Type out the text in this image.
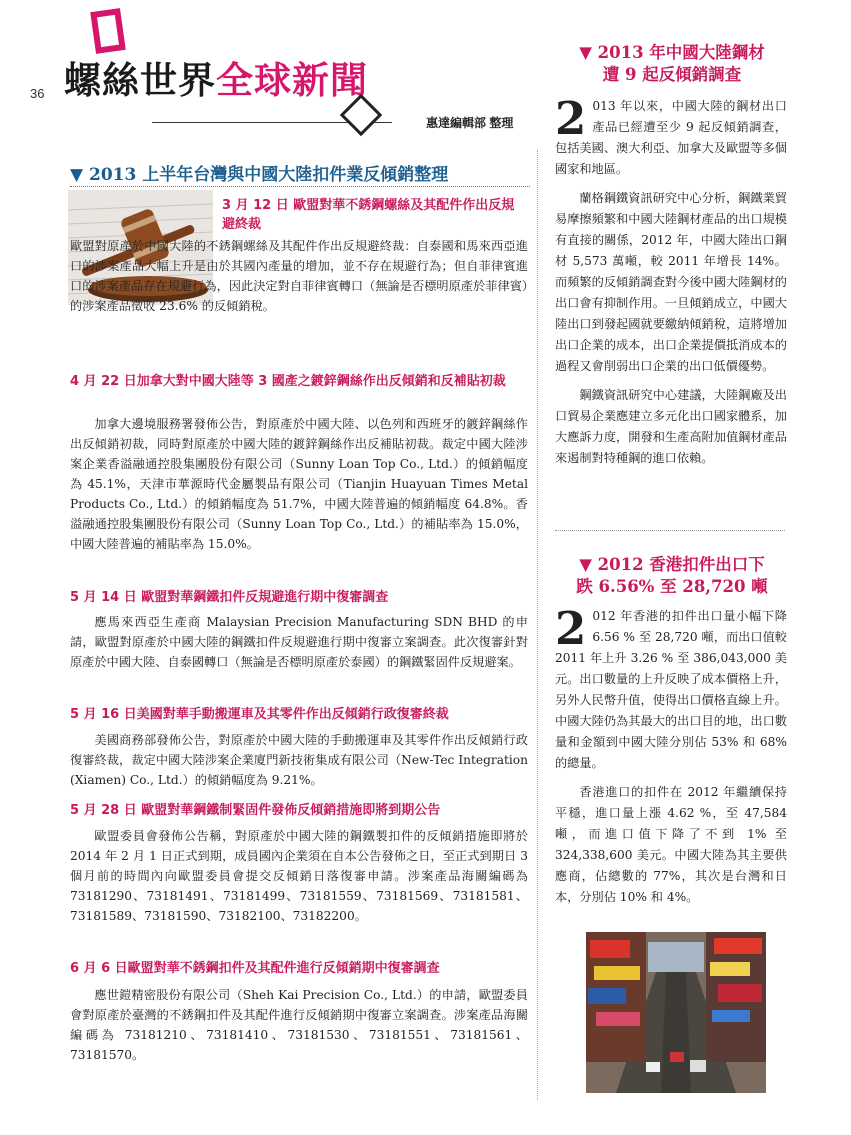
36 螺絲世界全球新聞
惠達編輯部 整理
▼ 2013 上半年台灣與中國大陸扣件業反傾銷整理
3 月 12 日 歐盟對華不銹鋼螺絲及其配件作出反規避終裁

歐盟對原產於中國大陸的不銹鋼螺絲及其配件作出反規避終裁：自泰國和馬來西亞進口的涉案產品大幅上升是由於其國內產量的增加，並不存在規避行為；但自菲律賓進口的涉案產品存在規避行為，因此決定對自菲律賓轉口（無論是否標明原產於菲律賓）的涉案產品徵收 23.6% 的反傾銷稅。

4 月 22 日加拿大對中國大陸等 3 國產之鍍鋅鋼絲作出反傾銷和反補貼初裁

加拿大邊境服務署發佈公告，對原產於中國大陸、以色列和西班牙的鍍鋅鋼絲作出反傾銷初裁，同時對原產於中國大陸的鍍鋅鋼絲作出反補貼初裁。裁定中國大陸涉案企業香溢融通控股集團股份有限公司（Sunny Loan Top Co., Ltd.）的傾銷幅度為 45.1%，天津市華源時代金屬製品有限公司（Tianjin Huayuan Times Metal Products Co., Ltd.）的傾銷幅度為 51.7%，中國大陸普遍的傾銷幅度 64.8%。香溢融通控股集團股份有限公司（Sunny Loan Top Co., Ltd.）的補貼率為 15.0%，中國大陸普遍的補貼率為 15.0%。

5 月 14 日 歐盟對華鋼鐵扣件反規避進行期中復審調查

應馬來西亞生產商 Malaysian Precision Manufacturing SDN BHD 的申請，歐盟對原產於中國大陸的鋼鐵扣件反規避進行期中復審立案調查。此次復審針對原產於中國大陸、自泰國轉口（無論是否標明原產於泰國）的鋼鐵緊固件反規避案。

5 月 16 日美國對華手動搬運車及其零件作出反傾銷行政復審終裁

美國商務部發佈公告，對原產於中國大陸的手動搬運車及其零件作出反傾銷行政復審終裁，裁定中國大陸涉案企業廈門新技術集成有限公司（New-Tec Integration (Xiamen) Co., Ltd.）的傾銷幅度為 9.21%。

5 月 28 日 歐盟對華鋼鐵制緊固件發佈反傾銷措施即將到期公告

歐盟委員會發佈公告稱，對原產於中國大陸的鋼鐵製扣件的反傾銷措施即將於 2014 年 2 月 1 日正式到期，成員國內企業須在自本公告發佈之日，至正式到期日 3 個月前的時間內向歐盟委員會提交反傾銷日落復審申請。涉案產品海關編碼為 73181290、73181491、73181499、73181559、73181569、73181581、73181589、73181590、73182100、73182200。

6 月 6 日歐盟對華不銹鋼扣件及其配件進行反傾銷期中復審調查

應世鎧精密股份有限公司（Sheh Kai Precision Co., Ltd.）的申請，歐盟委員會對原產於臺灣的不銹鋼扣件及其配件進行反傾銷期中復審立案調查。涉案產品海關編碼為 73181210、73181410、73181530、73181551、73181561、73181570。

▼ 2013 年中國大陸鋼材
遭 9 起反傾銷調查

2 013 年以來，中國大陸的鋼材出口產品已經遭至少 9 起反傾銷調查，包括美國、澳大利亞、加拿大及歐盟等多個國家和地區。

蘭格鋼鐵資訊研究中心分析，鋼鐵業貿易摩擦頻繁和中國大陸鋼材產品的出口規模有直接的關係，2012 年，中國大陸出口鋼材 5,573 萬噸，較 2011 年增長 14%。而頻繁的反傾銷調查對今後中國大陸鋼材的出口會有抑制作用。一旦傾銷成立，中國大陸出口到發起國就要繳納傾銷稅，這將增加出口企業的成本，出口企業提價抵消成本的過程又會削弱出口企業的出口低價優勢。

鋼鐵資訊研究中心建議，大陸鋼廠及出口貿易企業應建立多元化出口國家體系，加大應訴力度，開發和生產高附加值鋼材產品來遏制對特種鋼的進口依賴。

▼ 2012 香港扣件出口下
跌 6.56% 至 28,720 噸

2 012 年香港的扣件出口量小幅下降 6.56 % 至 28,720 噸，而出口值較 2011 年上升 3.26 % 至 386,043,000 美元。出口數量的上升反映了成本價格上升，另外人民幣升值，使得出口價格直線上升。中國大陸仍為其最大的出口目的地，出口數量和金額到中國大陸分別佔 53% 和 68% 的總量。

香港進口的扣件在 2012 年繼續保持平穩，進口量上漲 4.62 %，至 47,584 噸，而進口值下降了不到 1% 至 324,338,600 美元。中國大陸為其主要供應商，佔總數的 77%，其次是台灣和日本，分別佔 10% 和 4%。
